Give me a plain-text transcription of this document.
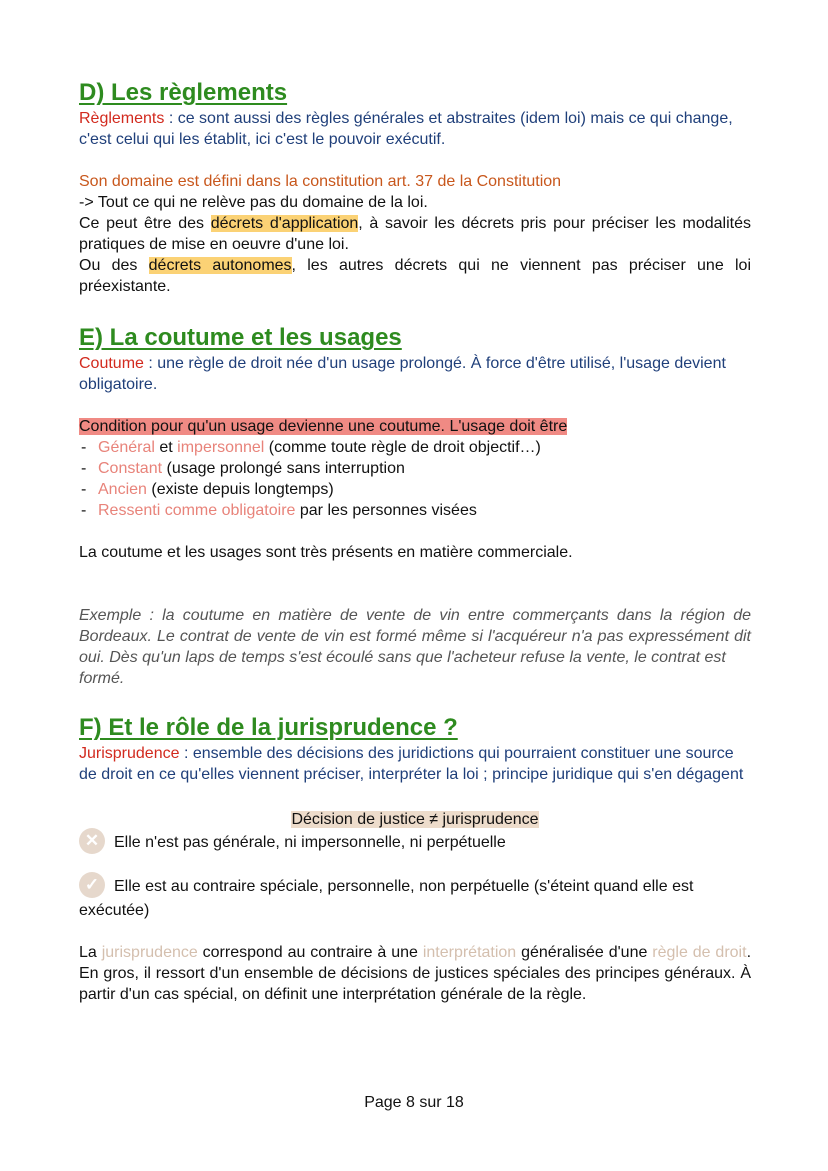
D) Les règlements

Règlements : ce sont aussi des règles générales et abstraites (idem loi) mais ce qui change, c'est celui qui les établit, ici c'est le pouvoir exécutif.

Son domaine est défini dans la constitution art. 37 de la Constitution

-> Tout ce qui ne relève pas du domaine de la loi.

Ce peut être des décrets d'application, à savoir les décrets pris pour préciser les modalités pratiques de mise en oeuvre d'une loi.

Ou des décrets autonomes, les autres décrets qui ne viennent pas préciser une loi préexistante.

E) La coutume et les usages

Coutume : une règle de droit née d'un usage prolongé. À force d'être utilisé, l'usage devient obligatoire.

Condition pour qu'un usage devienne une coutume. L'usage doit être

- Général et impersonnel (comme toute règle de droit objectif…)
- Constant (usage prolongé sans interruption
- Ancien (existe depuis longtemps)
- Ressenti comme obligatoire par les personnes visées

La coutume et les usages sont très présents en matière commerciale.

Exemple : la coutume en matière de vente de vin entre commerçants dans la région de Bordeaux. Le contrat de vente de vin est formé même si l'acquéreur n'a pas expressément dit oui. Dès qu'un laps de temps s'est écoulé sans que l'acheteur refuse la vente, le contrat est

formé.

F) Et le rôle de la jurisprudence ?

Jurisprudence : ensemble des décisions des juridictions qui pourraient constituer une source de droit en ce qu'elles viennent préciser, interpréter la loi ; principe juridique qui s'en dégagent

Décision de justice ≠ jurisprudence

✕ Elle n'est pas générale, ni impersonnelle, ni perpétuelle

✓ Elle est au contraire spéciale, personnelle, non perpétuelle (s'éteint quand elle est exécutée)

La jurisprudence correspond au contraire à une interprétation généralisée d'une règle de droit. En gros, il ressort d'un ensemble de décisions de justices spéciales des principes généraux. À partir d'un cas spécial, on définit une interprétation générale de la règle.

Page 8 sur 18
